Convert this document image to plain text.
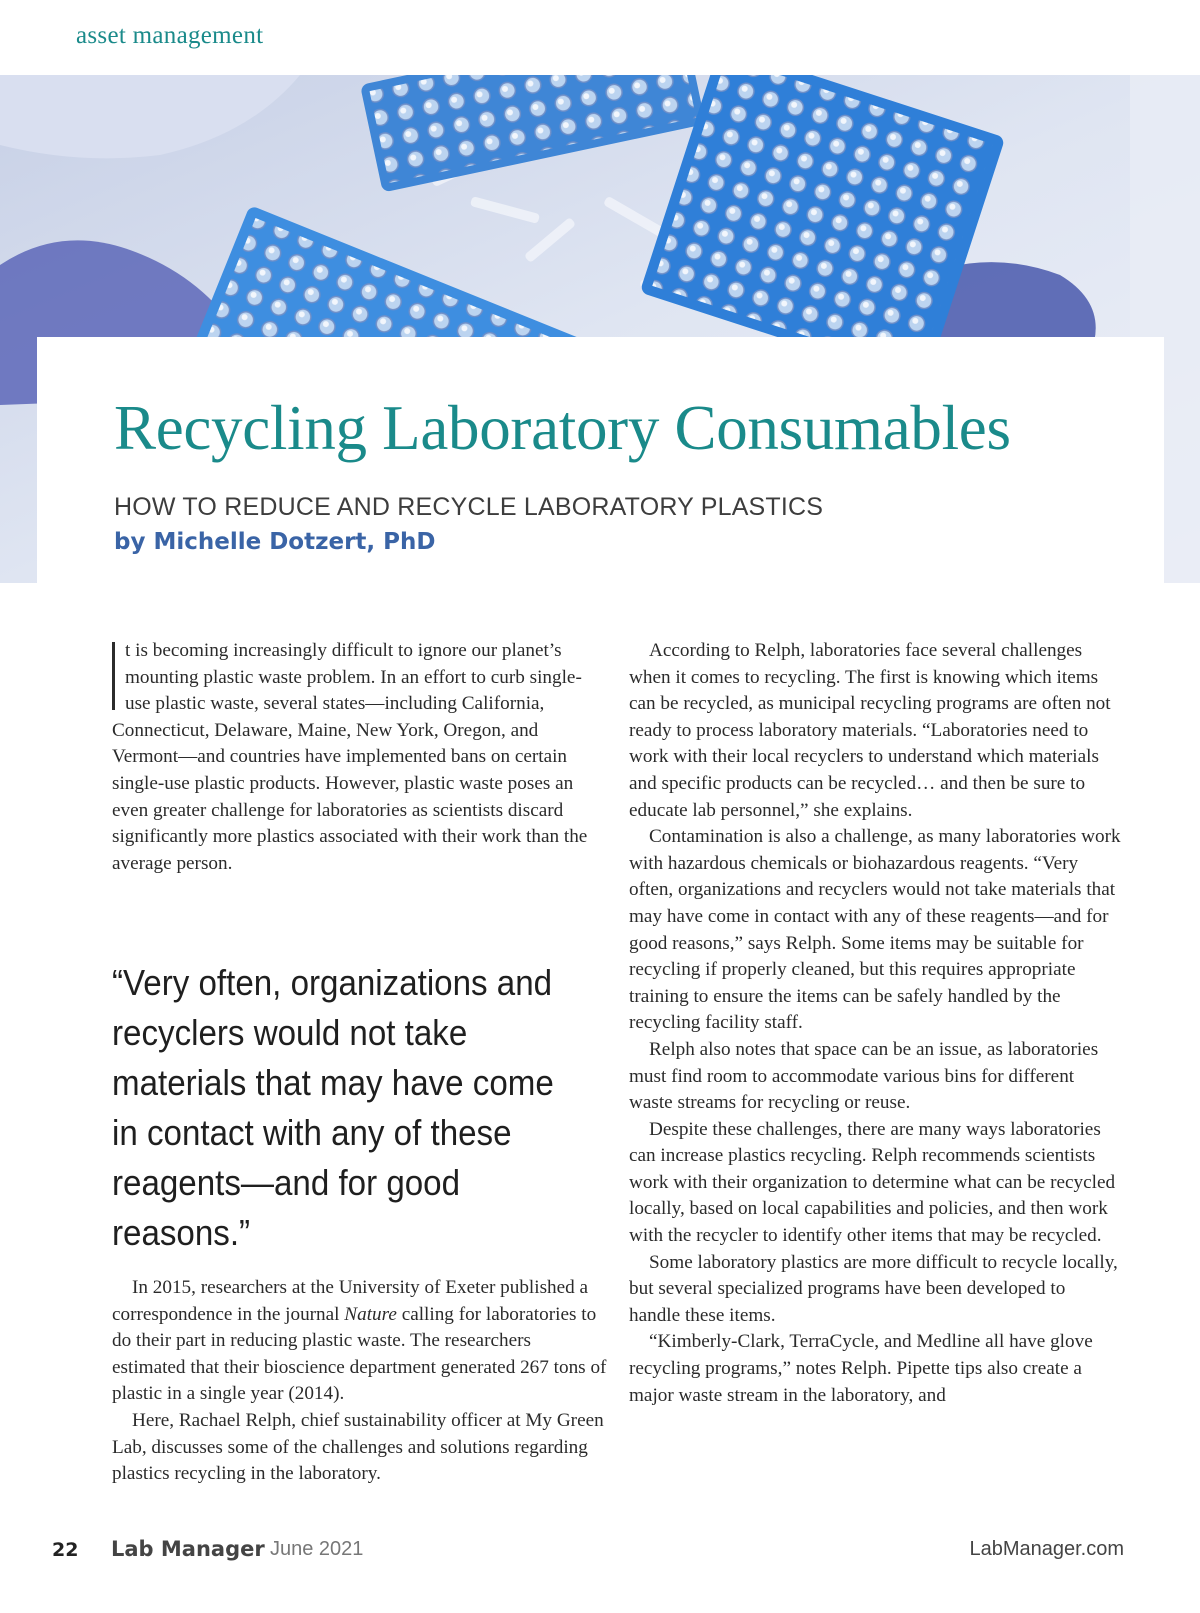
asset management
Recycling Laboratory Consumables
HOW TO REDUCE AND RECYCLE LABORATORY PLASTICS
by Michelle Dotzert, PhD

t is becoming increasingly difficult to ignore our planet’s mounting plastic waste problem. In an effort to curb single-use plastic waste, several states—including California, Connecticut, Delaware, Maine, New York, Oregon, and Vermont—and countries have implemented bans on certain single-use plastic products. However, plastic waste poses an even greater challenge for laboratories as scientists discard significantly more plastics associated with their work than the average person.

“Very often, organizations and recyclers would not take materials that may have come in contact with any of these reagents—and for good reasons.”

In 2015, researchers at the University of Exeter published a correspondence in the journal Nature calling for laboratories to do their part in reducing plastic waste. The researchers estimated that their bioscience department generated 267 tons of plastic in a single year (2014).

Here, Rachael Relph, chief sustainability officer at My Green Lab, discusses some of the challenges and solutions regarding plastics recycling in the laboratory.

According to Relph, laboratories face several challenges when it comes to recycling. The first is knowing which items can be recycled, as municipal recycling programs are often not ready to process laboratory materials. “Laboratories need to work with their local recyclers to understand which materials and specific products can be recycled… and then be sure to educate lab personnel,” she explains.

Contamination is also a challenge, as many laboratories work with hazardous chemicals or biohazardous reagents. “Very often, organizations and recyclers would not take materials that may have come in contact with any of these reagents—and for good reasons,” says Relph. Some items may be suitable for recycling if properly cleaned, but this requires appropriate training to ensure the items can be safely handled by the recycling facility staff.

Relph also notes that space can be an issue, as laboratories must find room to accommodate various bins for different waste streams for recycling or reuse.

Despite these challenges, there are many ways laboratories can increase plastics recycling. Relph recommends scientists work with their organization to determine what can be recycled locally, based on local capabilities and policies, and then work with the recycler to identify other items that may be recycled.

Some laboratory plastics are more difficult to recycle locally, but several specialized programs have been developed to handle these items.

“Kimberly-Clark, TerraCycle, and Medline all have glove recycling programs,” notes Relph. Pipette tips also create a major waste stream in the laboratory, and

22 Lab Manager June 2021	LabManager.com
